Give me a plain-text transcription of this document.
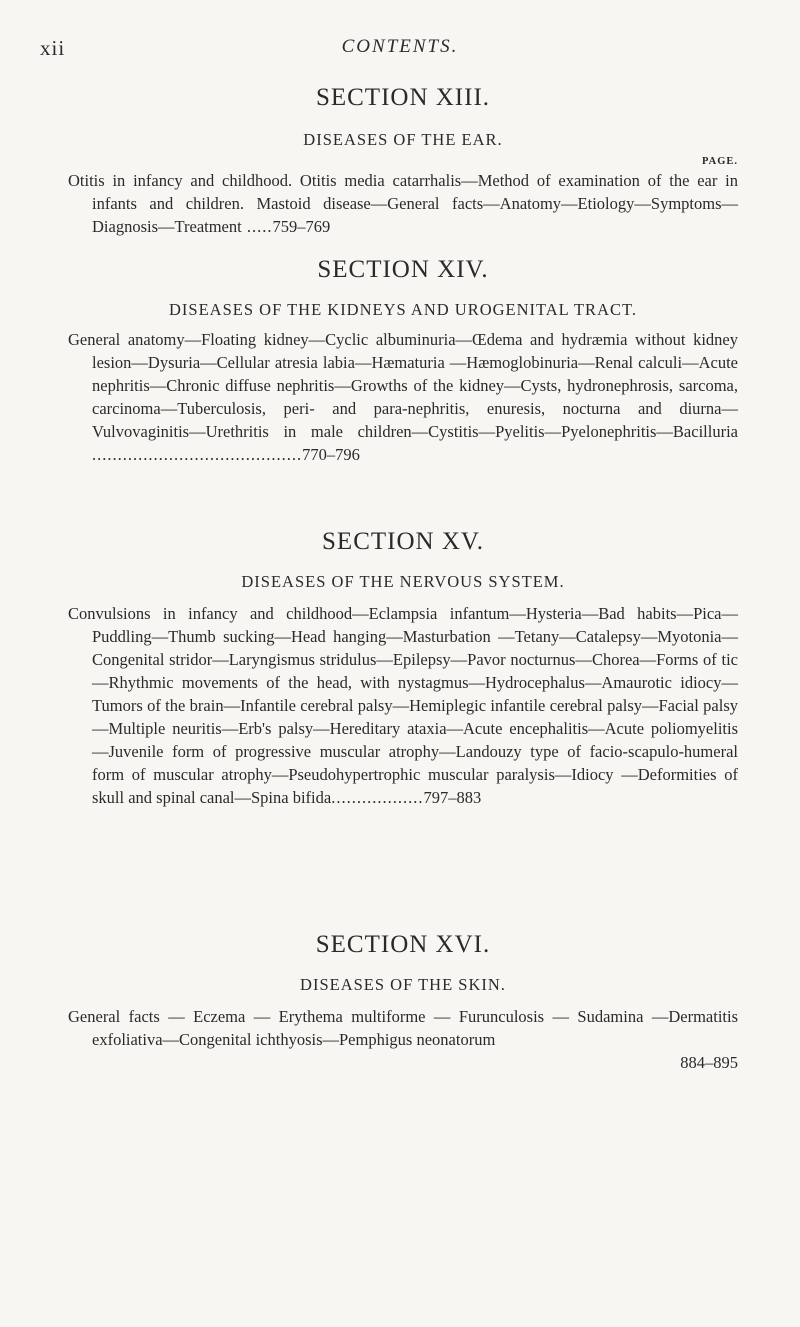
xii	CONTENTS.
SECTION XIII.
DISEASES OF THE EAR.

PAGE.

Otitis in infancy and childhood. Otitis media catarrhalis—Method of examination of the ear in infants and children. Mastoid disease—General facts—Anatomy—Etiology—Symptoms—Diagnosis—Treatment .....759–769

SECTION XIV.
DISEASES OF THE KIDNEYS AND UROGENITAL TRACT.

General anatomy—Floating kidney—Cyclic albuminuria—Œdema and hydræmia without kidney lesion—Dysuria—Cellular atresia labia—Hæmaturia —Hæmoglobinuria—Renal calculi—Acute nephritis—Chronic diffuse nephritis—Growths of the kidney—Cysts, hydronephrosis, sarcoma, carcinoma—Tuberculosis, peri- and para-nephritis, enuresis, nocturna and diurna—Vulvovaginitis—Urethritis in male children—Cystitis—Pyelitis—Pyelonephritis—Bacilluria .........................................770–796

SECTION XV.
DISEASES OF THE NERVOUS SYSTEM.

Convulsions in infancy and childhood—Eclampsia infantum—Hysteria—Bad habits—Pica—Puddling—Thumb sucking—Head hanging—Masturbation —Tetany—Catalepsy—Myotonia—Congenital stridor—Laryngismus stridulus—Epilepsy—Pavor nocturnus—Chorea—Forms of tic—Rhythmic movements of the head, with nystagmus—Hydrocephalus—Amaurotic idiocy—Tumors of the brain—Infantile cerebral palsy—Hemiplegic infantile cerebral palsy—Facial palsy—Multiple neuritis—Erb's palsy—Hereditary ataxia—Acute encephalitis—Acute poliomyelitis—Juvenile form of progressive muscular atrophy—Landouzy type of facio-scapulo-humeral form of muscular atrophy—Pseudohypertrophic muscular paralysis—Idiocy —Deformities of skull and spinal canal—Spina bifida..................797–883

SECTION XVI.
DISEASES OF THE SKIN.

General facts — Eczema — Erythema multiforme — Furunculosis — Sudamina —Dermatitis exfoliativa—Congenital ichthyosis—Pemphigus neonatorum
884–895
